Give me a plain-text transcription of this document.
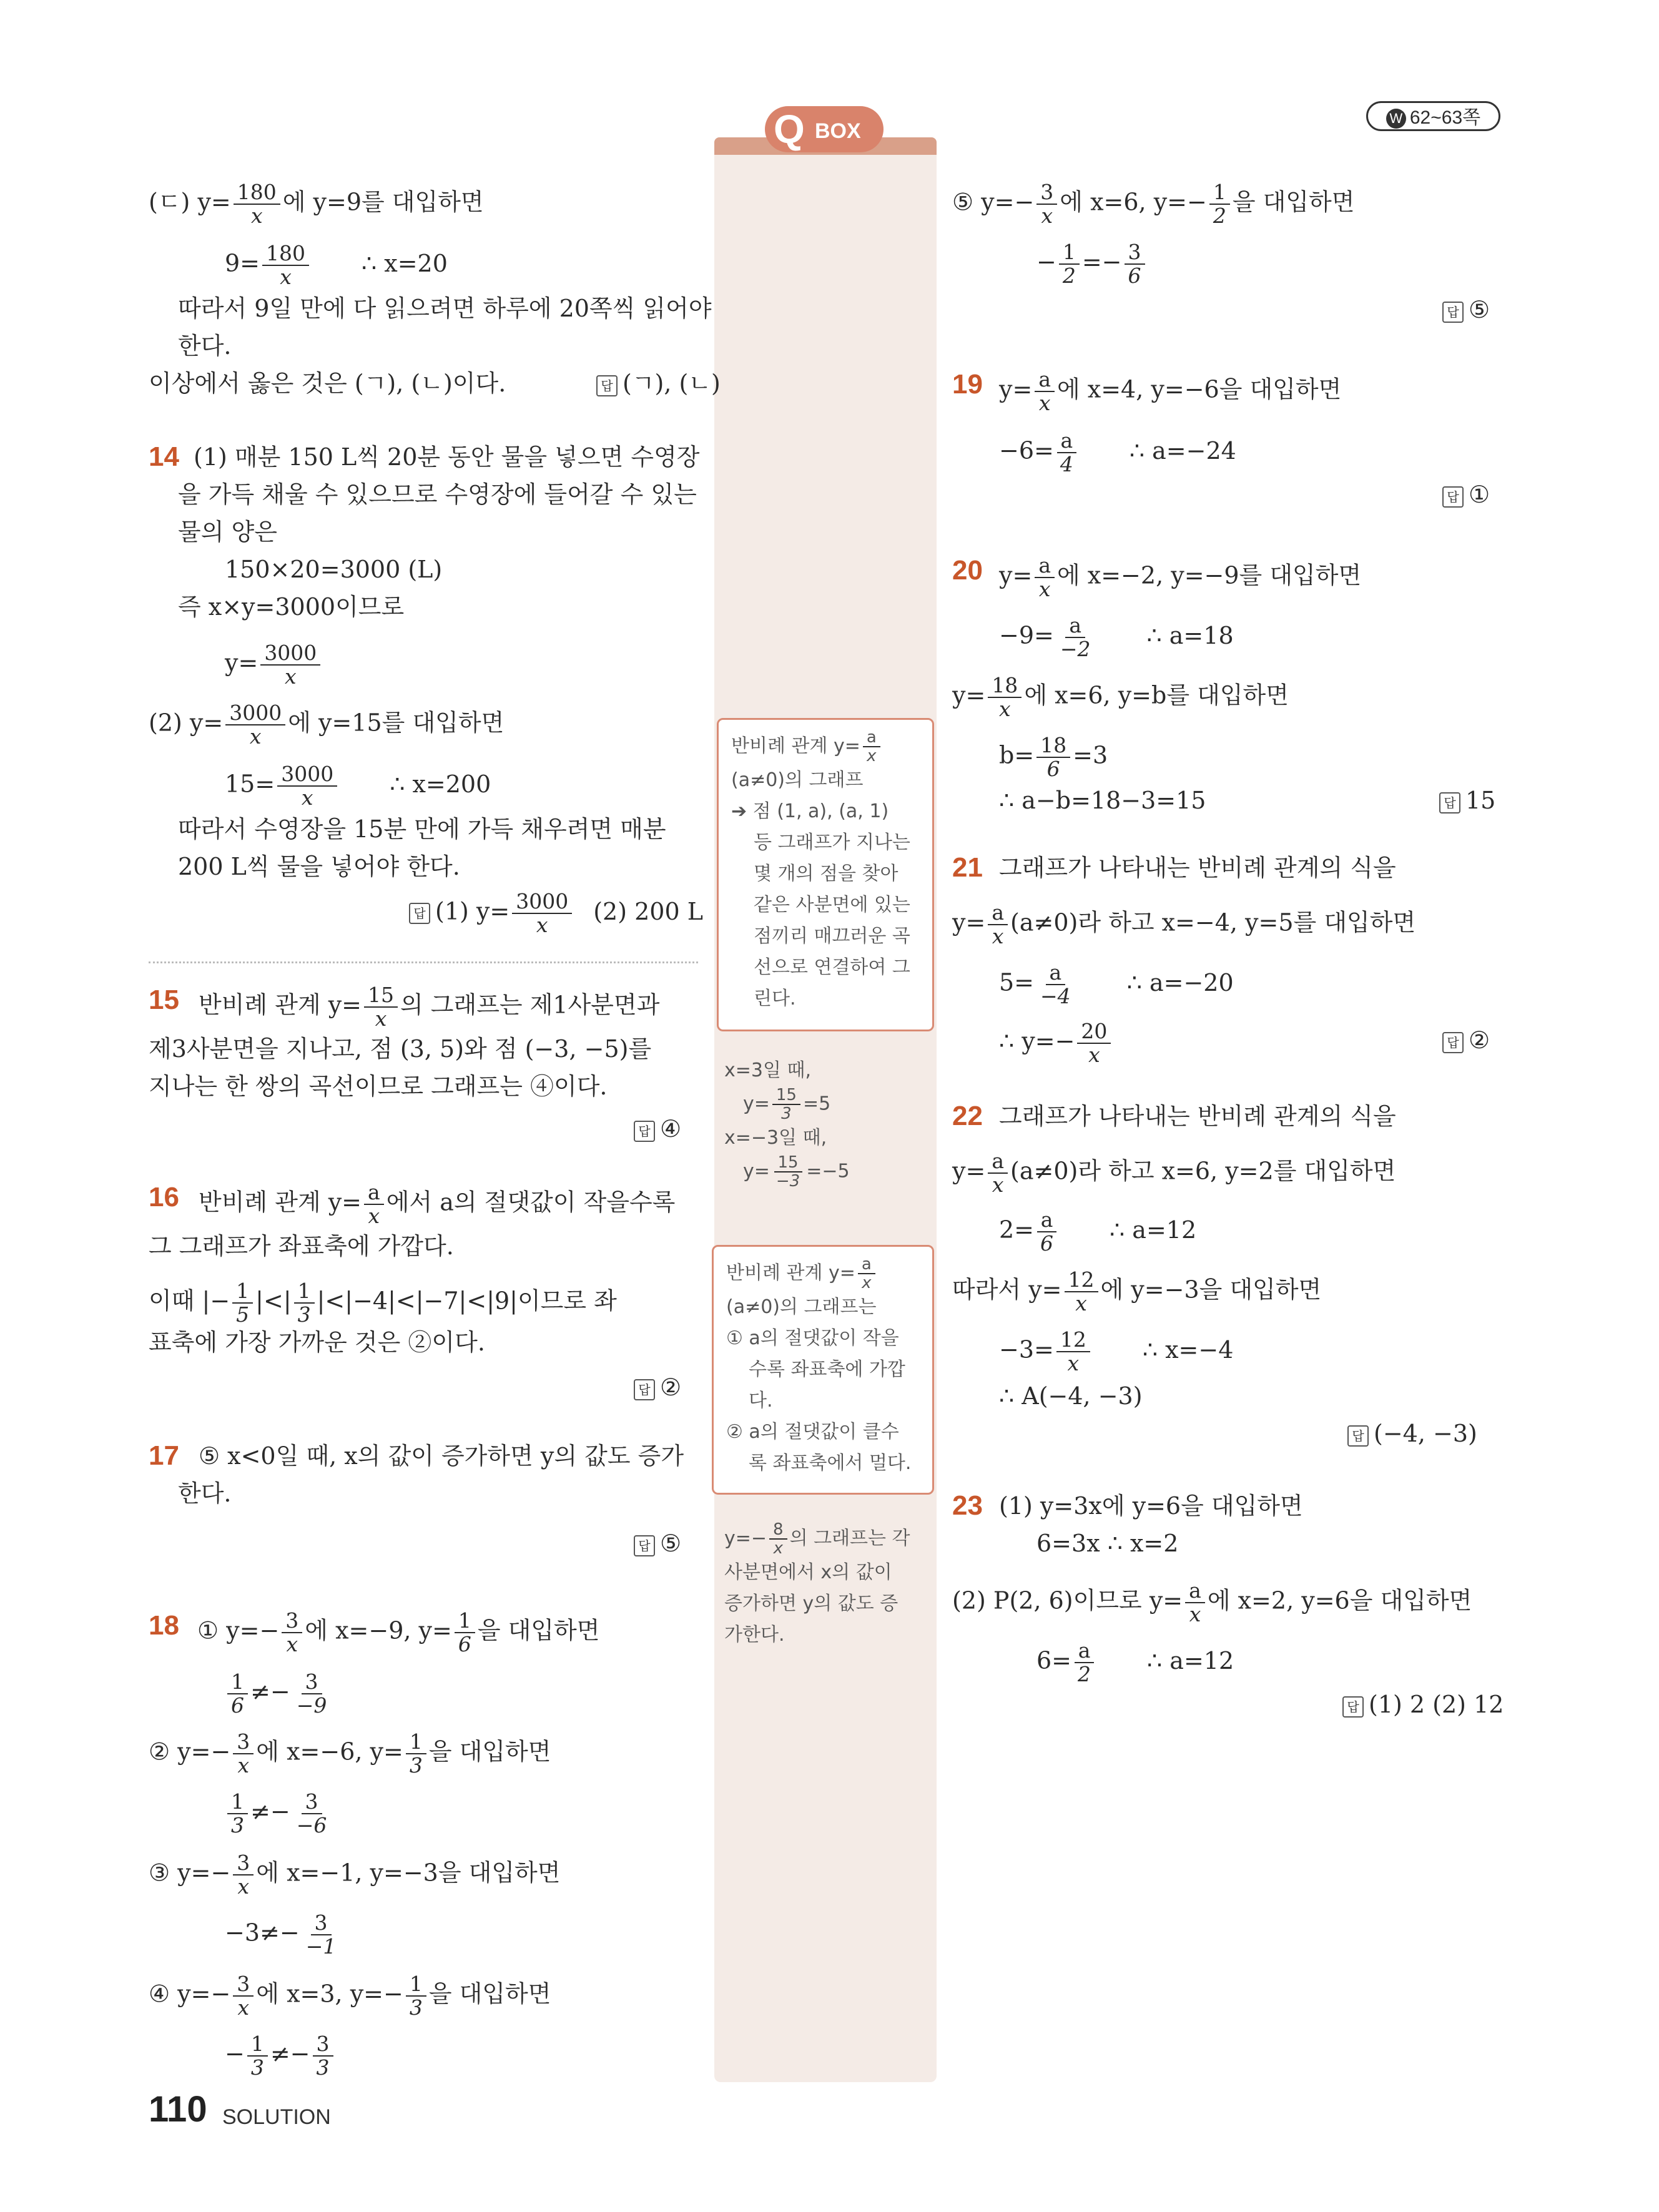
Q BOX
W 62~63쪽
(ㄷ) $y= \frac{180}{x}$ 에 y=9를 대입하면
$9= \frac{180}{x}$ ∴ x=20
따라서 9일 만에 다 읽으려면 하루에 20쪽씩 읽어야
한다.
이상에서 옳은 것은 (ㄱ), (ㄴ)이다.	답 (ㄱ), (ㄴ)
14 (1) 매분 150 L씩 20분 동안 물을 넣으면 수영장
을 가득 채울 수 있으므로 수영장에 들어갈 수 있는
물의 양은
150×20=3000 (L)
즉 x×y=3000이므로
$y= \frac{3000}{x}$
(2) $y= \frac{3000}{x}$ 에 y=15를 대입하면
$15= \frac{3000}{x}$ ∴ x=200
따라서 수영장을 15분 만에 가득 채우려면 매분
200 L씩 물을 넣어야 한다.
답 (1) $y= \frac{3000}{x} (2)$ 200 L
15 반비례 관계 $y= \frac{15}{x}$ 의 그래프는 제1사분면과
제3사분면을 지나고, 점 (3, 5)와 점 (−3, −5)를
지나는 한 쌍의 곡선이므로 그래프는 ④이다.
답 ④
16 반비례 관계 $y= \frac{a}{x}$ 에서 a의 절댓값이 작을수록
그 그래프가 좌표축에 가깝다.
이때 |− $\frac{1}{5}$ |<| $\frac{1}{3} |<|-4|<|-7|<|9|$이므로 좌
표축에 가장 가까운 것은 ②이다.
답 ②
17 ⑤ x<0일 때, x의 값이 증가하면 y의 값도 증가
한다.
답 ⑤
18 ① $y=- \frac{3}{x}$ 에 x=−9, $y= \frac{1}{6}$ 을 대입하면
$\frac{1}{6} \ne- \frac{3}{-9}$
② $y=- \frac{3}{x}$ 에 x=−6, $y= \frac{1}{3}$ 을 대입하면
$\frac{1}{3} \ne- \frac{3}{-6}$
③ $y=- \frac{3}{x}$ 에 x=−1, y=−3을 대입하면
$-3\ne- \frac{3}{-1}$
④ $y=- \frac{3}{x}$ 에 x=3, $y=- \frac{1}{3}$ 을 대입하면
− $\frac{1}{3} \ne- \frac{3}{3}$
반비례 관계 $y= \frac{a}{x}$
(a≠0)의 그래프
➔ 점 (1, a), (a, 1)
등 그래프가 지나는
몇 개의 점을 찾아
같은 사분면에 있는
점끼리 매끄러운 곡
선으로 연결하여 그
린다.
x=3일 때,
$y= \frac{15}{3} =5$
x=−3일 때,
$y= \frac{15}{-3} =-5$
반비례 관계 $y= \frac{a}{x}$
(a≠0)의 그래프는
① a의 절댓값이 작을
수록 좌표축에 가깝
다.
② a의 절댓값이 클수
록 좌표축에서 멀다.
$y=- \frac{8}{x}$ 의 그래프는 각
사분면에서 x의 값이
증가하면 y의 값도 증
가한다.
⑤ $y=- \frac{3}{x}$ 에 x=6, $y=- \frac{1}{2}$ 을 대입하면
− $\frac{1}{2} =- \frac{3}{6}$
답 ⑤
19 $y= \frac{a}{x}$ 에 x=4, y=−6을 대입하면
$-6= \frac{a}{4}$ ∴ a=−24
답 ①
20 $y= \frac{a}{x}$ 에 x=−2, y=−9를 대입하면
$-9= \frac{a}{-2}$ ∴ a=18
$y= \frac{18}{x}$ 에 x=6, y=b를 대입하면
$b= \frac{18}{6} =3$
∴ a−b=18−3=15	답 15
21 그래프가 나타내는 반비례 관계의 식을
$y= \frac{a}{x} (a\ne 0)$라 하고 x=−4, y=5를 대입하면
$5= \frac{a}{-4}$ ∴ a=−20
∴ $y=- \frac{20}{x}$	답 ②
22 그래프가 나타내는 반비례 관계의 식을
$y= \frac{a}{x} (a\ne 0)$라 하고 x=6, y=2를 대입하면
$2= \frac{a}{6}$ ∴ a=12
따라서 $y= \frac{12}{x}$ 에 y=−3을 대입하면
$-3= \frac{12}{x}$ ∴ x=−4
∴ A(−4, −3)
답 (−4, −3)
23 (1) y=3x에 y=6을 대입하면
6=3x ∴ x=2
(2) P(2, 6)이므로 $y= \frac{a}{x}$ 에 x=2, y=6을 대입하면
$6= \frac{a}{2}$ ∴ a=12
답 (1) 2 (2) 12
110 SOLUTION
